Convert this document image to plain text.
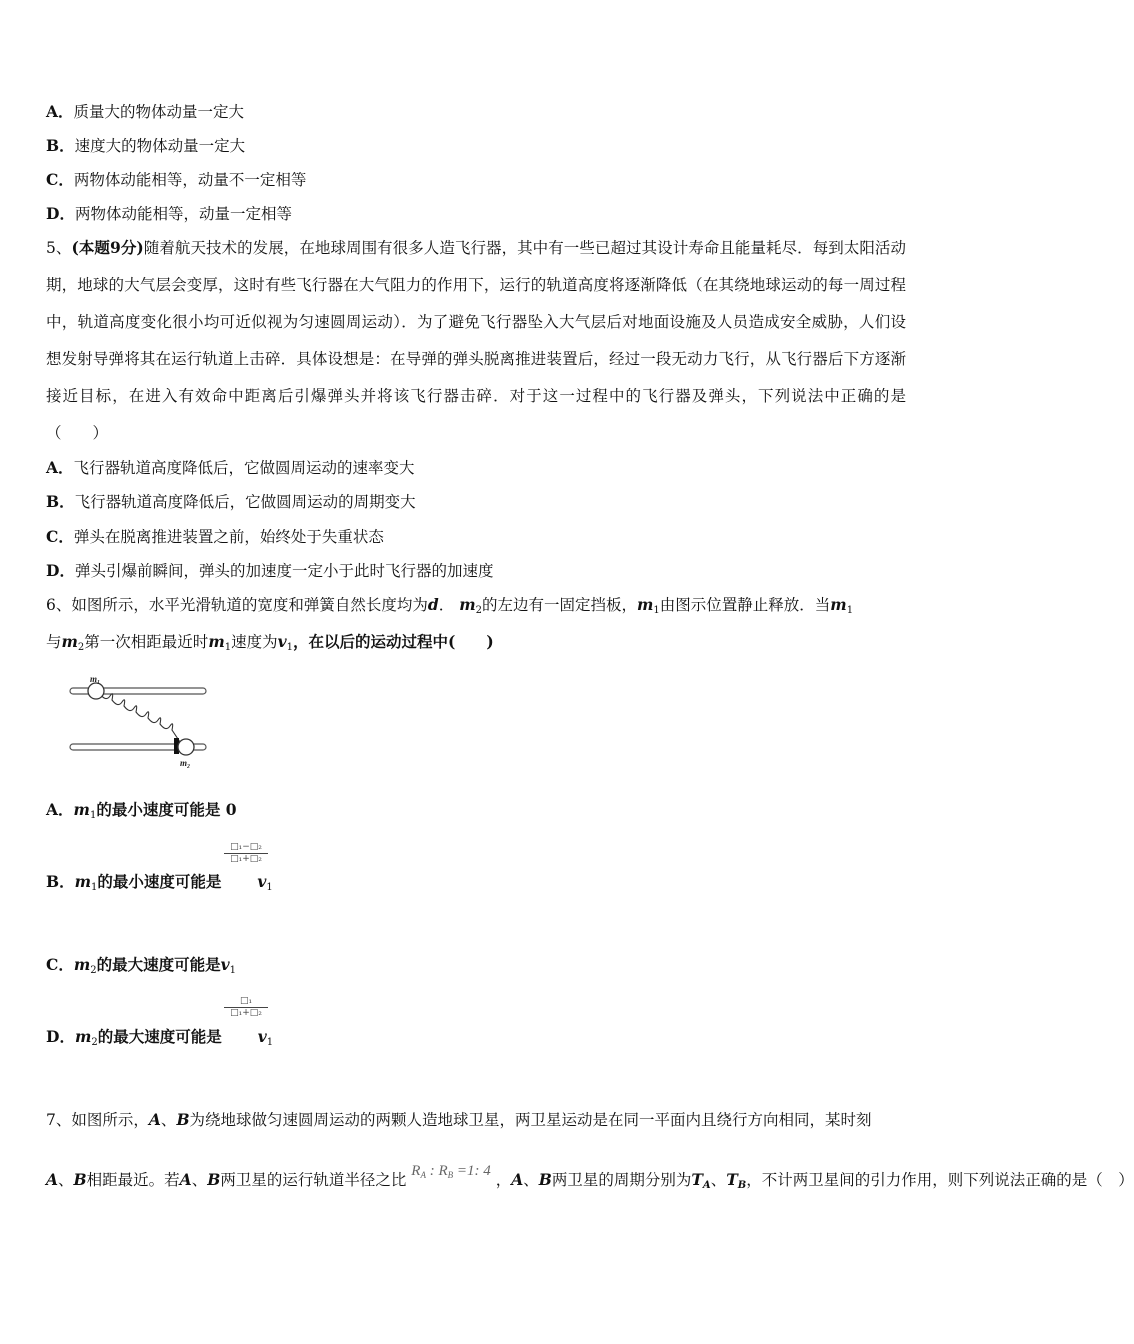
A．质量大的物体动量一定大
B．速度大的物体动量一定大
C．两物体动能相等，动量不一定相等
D．两物体动能相等，动量一定相等
5、(本题9分)随着航天技术的发展，在地球周围有很多人造飞行器，其中有一些已超过其设计寿命且能量耗尽．每到太阳活动期，地球的大气层会变厚，这时有些飞行器在大气阻力的作用下，运行的轨道高度将逐渐降低（在其绕地球运动的每一周过程中，轨道高度变化很小均可近似视为匀速圆周运动）．为了避免飞行器坠入大气层后对地面设施及人员造成安全威胁，人们设想发射导弹将其在运行轨道上击碎．具体设想是：在导弹的弹头脱离推进装置后，经过一段无动力飞行，从飞行器后下方逐渐接近目标，在进入有效命中距离后引爆弹头并将该飞行器击碎．对于这一过程中的飞行器及弹头，下列说法中正确的是（　　）
A．飞行器轨道高度降低后，它做圆周运动的速率变大
B．飞行器轨道高度降低后，它做圆周运动的周期变大
C．弹头在脱离推进装置之前，始终处于失重状态
D．弹头引爆前瞬间，弹头的加速度一定小于此时飞行器的加速度
6、如图所示，水平光滑轨道的宽度和弹簧自然长度均为d． $m_2$的左边有一固定挡板，$m_1$由图示位置静止释放．当$m_1$
与$m_2$第一次相距最近时$m_1$速度为$v_1$，在以后的运动过程中(　　)
m₁
m₂
A．$m_1$的最小速度可能是 0
□₁−□₂
□₁+□₂
B．$m_1$的最小速度可能是 $v_1$
C．$m_2$的最大速度可能是$v_1$
□₁
□₁+□₂
D．$m_2$的最大速度可能是 $v_1$
7、如图所示，A、B为绕地球做匀速圆周运动的两颗人造地球卫星，两卫星运动是在同一平面内且绕行方向相同，某时刻
A、B相距最近。若A、B两卫星的运行轨道半径之比 $R_A$ : $R_B =1$: 4 ，A、B两卫星的周期分别为$T_A$、$T_B$，不计两卫星间的引力作用，则下列说法正确的是（　）
